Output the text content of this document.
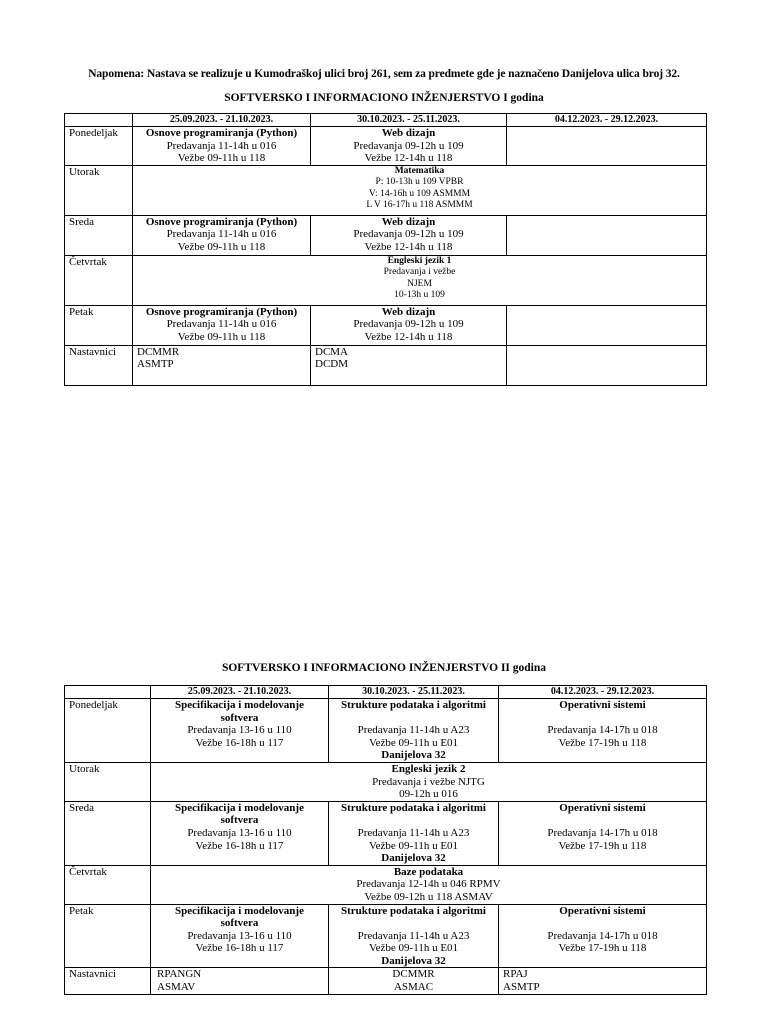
Napomena: Nastava se realizuje u Kumodraškoj ulici broj 261, sem za predmete gde je naznačeno Danijelova ulica broj 32.
SOFTVERSKO I INFORMACIONO INŽENJERSTVO I godina
	25.09.2023. - 21.10.2023.	30.10.2023. - 25.11.2023.	04.12.2023. - 29.12.2023.
Ponedeljak	Osnove programiranja (Python)
Predavanja 11-14h u 016
Vežbe 09-11h u 118	Web dizajn
Predavanja 09-12h u 109
Vežbe 12-14h u 118	

Utorak	Matematika
P: 10-13h u 109 VPBR
V: 14-16h u 109 ASMMM
L V 16-17h u 118 ASMMM		

Sreda	Osnove programiranja (Python)
Predavanja 11-14h u 016
Vežbe 09-11h u 118	Web dizajn
Predavanja 09-12h u 109
Vežbe 12-14h u 118	

Četvrtak	Engleski jezik 1
Predavanja i vežbe
NJEM
10-13h u 109		

Petak	Osnove programiranja (Python)
Predavanja 11-14h u 016
Vežbe 09-11h u 118	Web dizajn
Predavanja 09-12h u 109
Vežbe 12-14h u 118	

Nastavnici	DCMMR
ASMTP	DCMA
DCDM	

SOFTVERSKO I INFORMACIONO INŽENJERSTVO II godina
	25.09.2023. - 21.10.2023.	30.10.2023. - 25.11.2023.	04.12.2023. - 29.12.2023.
Ponedeljak	Specifikacija i modelovanje softvera
Predavanja 13-16 u 110
Vežbe 16-18h u 117	Strukture podataka i algoritmi

Predavanja 11-14h u A23
Vežbe 09-11h u E01
Danijelova 32	Operativni sistemi

Predavanja 14-17h u 018
Vežbe 17-19h u 118

Utorak	Engleski jezik 2
Predavanja i vežbe NJTG
09-12h u 016		

Sreda	Specifikacija i modelovanje softvera
Predavanja 13-16 u 110
Vežbe 16-18h u 117	Strukture podataka i algoritmi

Predavanja 11-14h u A23
Vežbe 09-11h u E01
Danijelova 32	Operativni sistemi

Predavanja 14-17h u 018
Vežbe 17-19h u 118

Četvrtak	Baze podataka
Predavanja 12-14h u 046 RPMV
Vežbe 09-12h u 118 ASMAV		

Petak	Specifikacija i modelovanje softvera
Predavanja 13-16 u 110
Vežbe 16-18h u 117	Strukture podataka i algoritmi

Predavanja 11-14h u A23
Vežbe 09-11h u E01
Danijelova 32	Operativni sistemi

Predavanja 14-17h u 018
Vežbe 17-19h u 118

Nastavnici	RPANGN
ASMAV	DCMMR
ASMAC	RPAJ
ASMTP
